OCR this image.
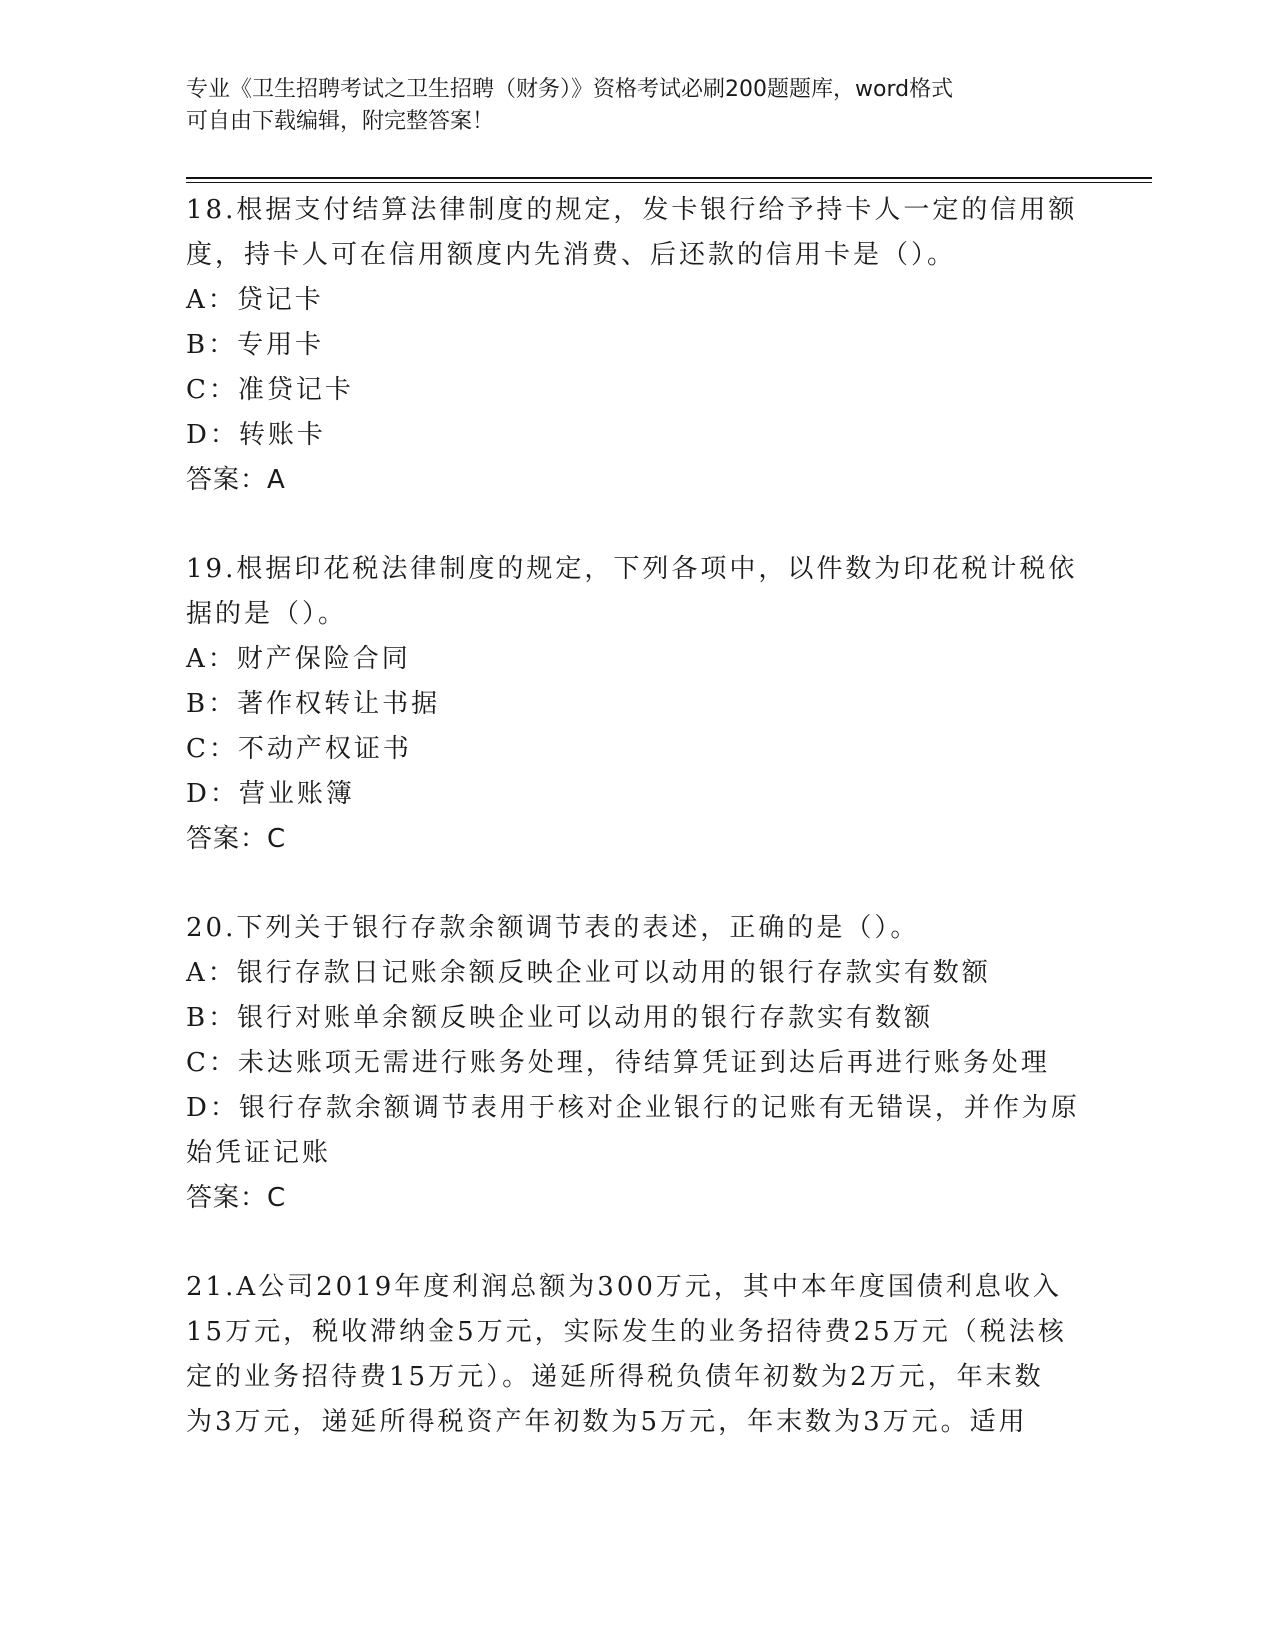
专业《卫生招聘考试之卫生招聘（财务）》资格考试必刷200题题库，word格式

可自由下载编辑，附完整答案！

18.根据支付结算法律制度的规定，发卡银行给予持卡人一定的信用额

度，持卡人可在信用额度内先消费、后还款的信用卡是（）。

A：贷记卡

B：专用卡

C：准贷记卡

D：转账卡

答案：A

19.根据印花税法律制度的规定，下列各项中，以件数为印花税计税依

据的是（）。

A：财产保险合同

B：著作权转让书据

C：不动产权证书

D：营业账簿

答案：C

20.下列关于银行存款余额调节表的表述，正确的是（）。

A：银行存款日记账余额反映企业可以动用的银行存款实有数额

B：银行对账单余额反映企业可以动用的银行存款实有数额

C：未达账项无需进行账务处理，待结算凭证到达后再进行账务处理

D：银行存款余额调节表用于核对企业银行的记账有无错误，并作为原

始凭证记账

答案：C

21.A公司2019年度利润总额为300万元，其中本年度国债利息收入

15万元，税收滞纳金5万元，实际发生的业务招待费25万元（税法核

定的业务招待费15万元）。递延所得税负债年初数为2万元，年末数

为3万元，递延所得税资产年初数为5万元，年末数为3万元。适用
